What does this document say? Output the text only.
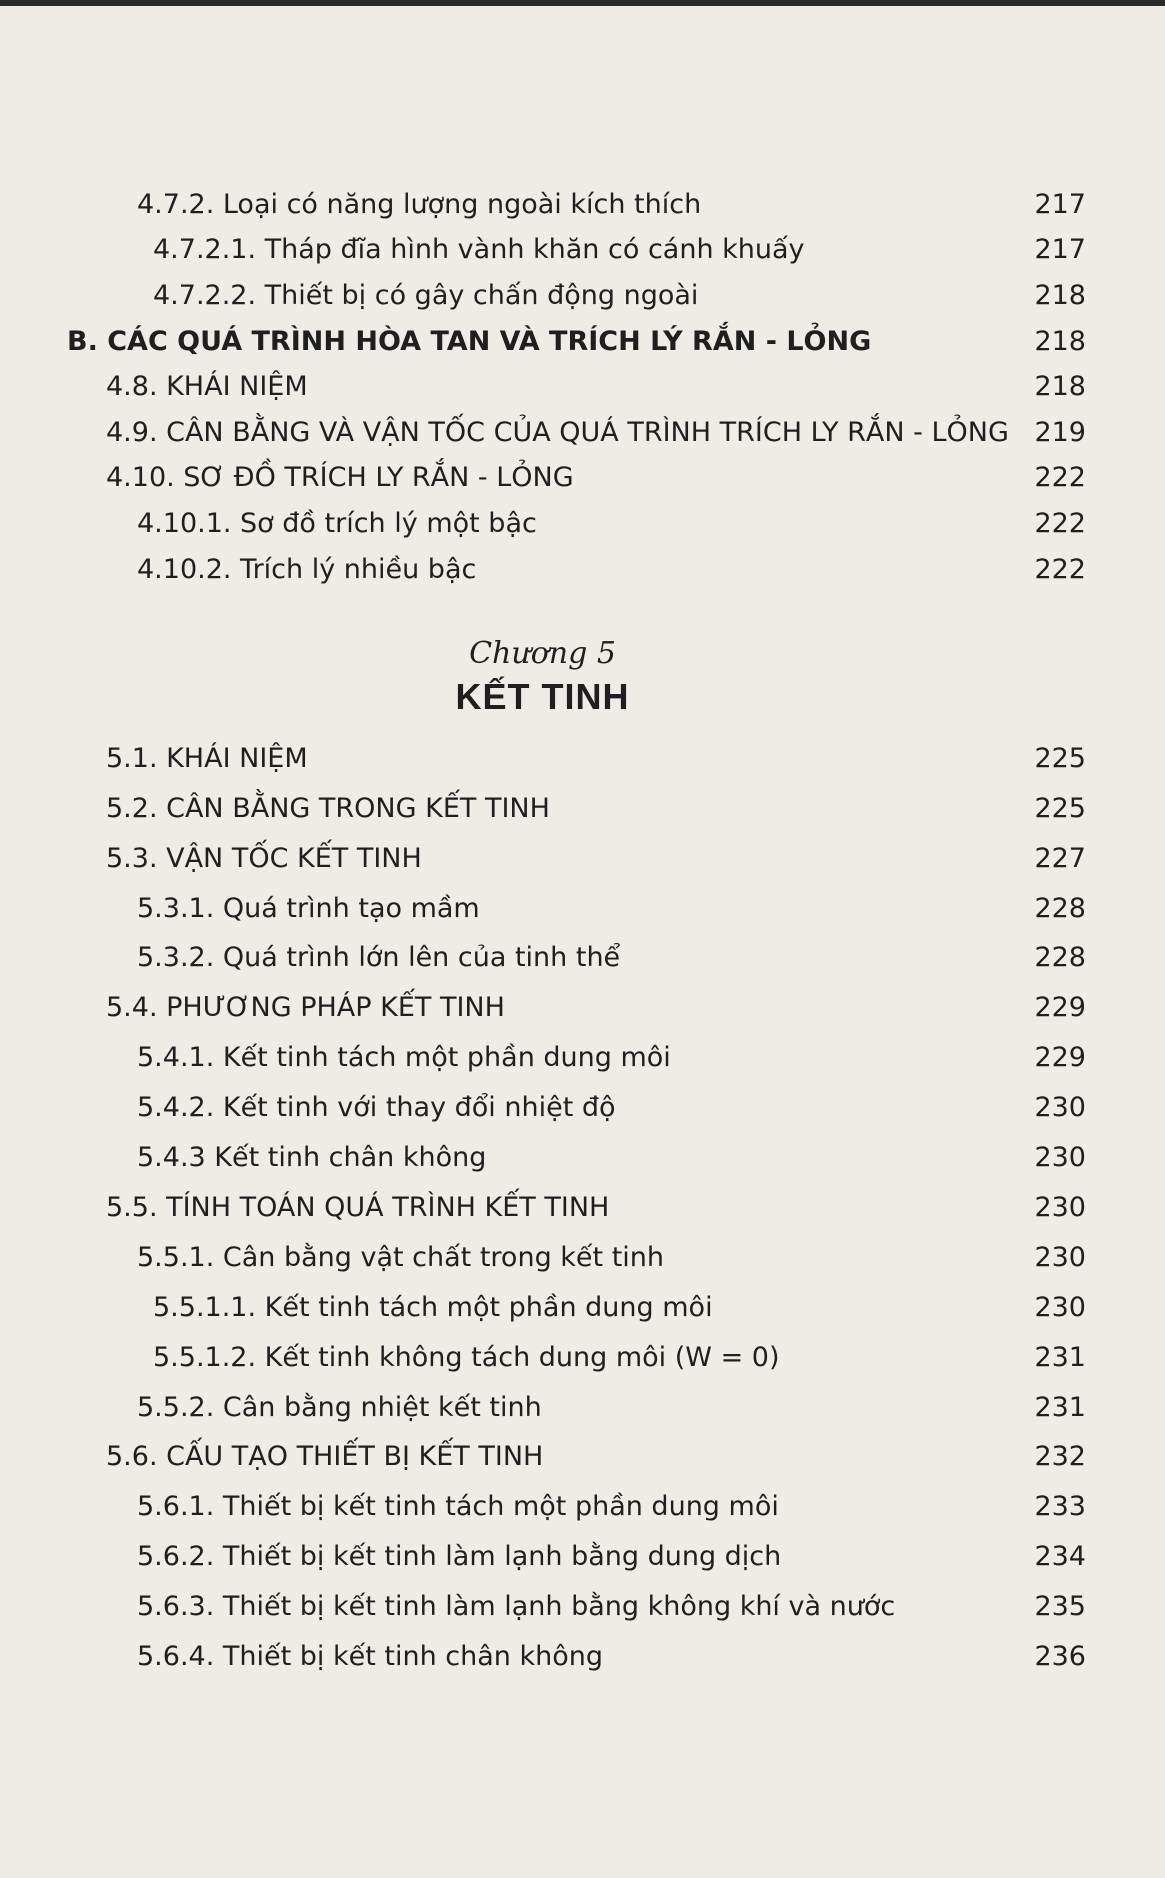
4.7.2. Loại có năng lượng ngoài kích thích	217
4.7.2.1. Tháp đĩa hình vành khăn có cánh khuấy	217
4.7.2.2. Thiết bị có gây chấn động ngoài	218
B. CÁC QUÁ TRÌNH HÒA TAN VÀ TRÍCH LÝ RẮN - LỎNG	218
4.8. KHÁI NIỆM	218
4.9. CÂN BẰNG VÀ VẬN TỐC CỦA QUÁ TRÌNH TRÍCH LY RẮN - LỎNG 219
4.10. SƠ ĐỒ TRÍCH LY RẮN - LỎNG	222
4.10.1. Sơ đồ trích lý một bậc	222
4.10.2. Trích lý nhiều bậc	222
Chương 5
KẾT TINH
5.1. KHÁI NIỆM	225
5.2. CÂN BẰNG TRONG KẾT TINH	225
5.3. VẬN TỐC KẾT TINH	227
5.3.1. Quá trình tạo mầm	228
5.3.2. Quá trình lớn lên của tinh thể	228
5.4. PHƯƠNG PHÁP KẾT TINH	229
5.4.1. Kết tinh tách một phần dung môi	229
5.4.2. Kết tinh với thay đổi nhiệt độ	230
5.4.3 Kết tinh chân không	230
5.5. TÍNH TOÁN QUÁ TRÌNH KẾT TINH	230
5.5.1. Cân bằng vật chất trong kết tinh	230
5.5.1.1. Kết tinh tách một phần dung môi	230
5.5.1.2. Kết tinh không tách dung môi (W = 0)	231
5.5.2. Cân bằng nhiệt kết tinh	231
5.6. CẤU TẠO THIẾT BỊ KẾT TINH	232
5.6.1. Thiết bị kết tinh tách một phần dung môi	233
5.6.2. Thiết bị kết tinh làm lạnh bằng dung dịch	234
5.6.3. Thiết bị kết tinh làm lạnh bằng không khí và nước	235
5.6.4. Thiết bị kết tinh chân không	236
